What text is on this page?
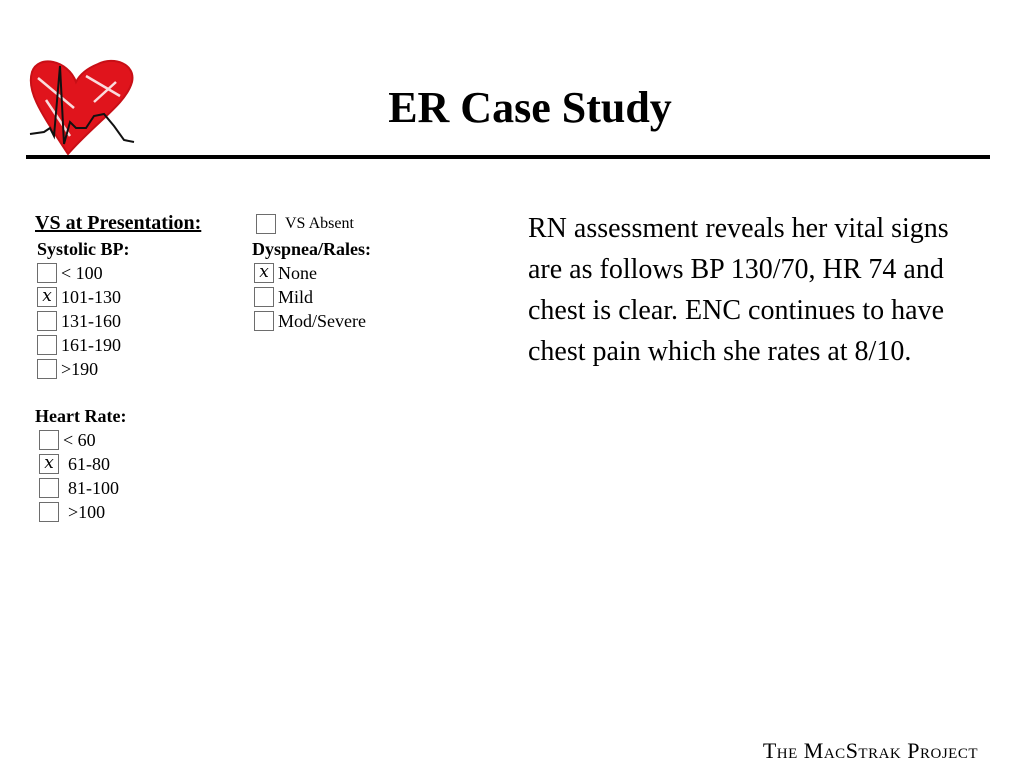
ER Case Study
VS at Presentation:	VS Absent
Systolic BP:
< 100
x 101-130
131-160
161-190
>190
Dyspnea/Rales:
x None
Mild
Mod/Severe
Heart Rate:
< 60
x 61-80
81-100
>100

RN assessment reveals her vital signs are as follows BP 130/70, HR 74 and chest is clear. ENC continues to have chest pain which she rates at 8/10.

The MacStrak Project
